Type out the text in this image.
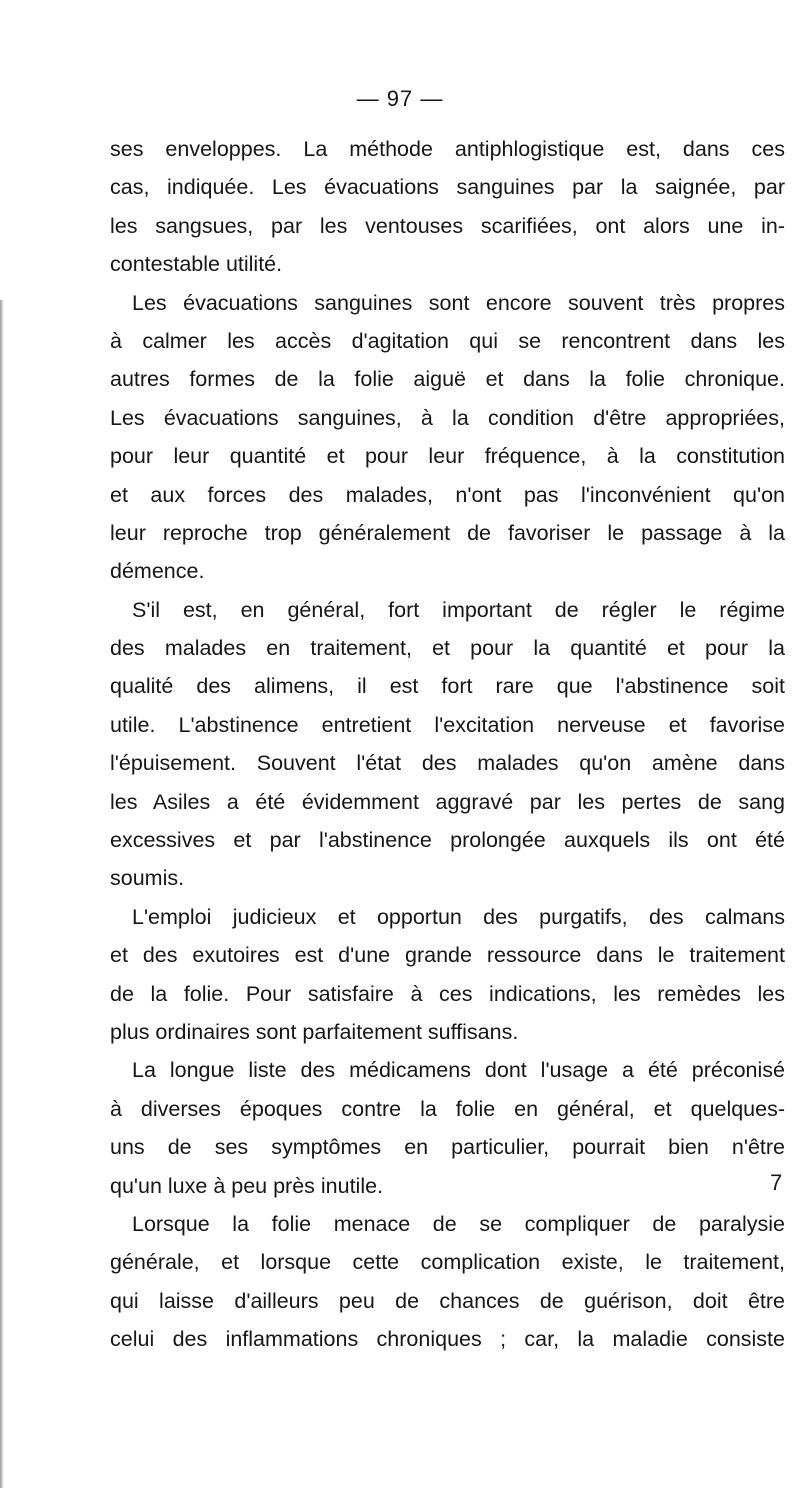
— 97 —
ses enveloppes. La méthode antiphlogistique est, dans ces
cas, indiquée. Les évacuations sanguines par la saignée, par
les sangsues, par les ventouses scarifiées, ont alors une in-
contestable utilité.
Les évacuations sanguines sont encore souvent très propres
à calmer les accès d'agitation qui se rencontrent dans les
autres formes de la folie aiguë et dans la folie chronique.
Les évacuations sanguines, à la condition d'être appropriées,
pour leur quantité et pour leur fréquence, à la constitution
et aux forces des malades, n'ont pas l'inconvénient qu'on
leur reproche trop généralement de favoriser le passage à la
démence.
S'il est, en général, fort important de régler le régime
des malades en traitement, et pour la quantité et pour la
qualité des alimens, il est fort rare que l'abstinence soit
utile. L'abstinence entretient l'excitation nerveuse et favorise
l'épuisement. Souvent l'état des malades qu'on amène dans
les Asiles a été évidemment aggravé par les pertes de sang
excessives et par l'abstinence prolongée auxquels ils ont été
soumis.
L'emploi judicieux et opportun des purgatifs, des calmans
et des exutoires est d'une grande ressource dans le traitement
de la folie. Pour satisfaire à ces indications, les remèdes les
plus ordinaires sont parfaitement suffisans.
La longue liste des médicamens dont l'usage a été préconisé
à diverses époques contre la folie en général, et quelques-
uns de ses symptômes en particulier, pourrait bien n'être
qu'un luxe à peu près inutile.
Lorsque la folie menace de se compliquer de paralysie
générale, et lorsque cette complication existe, le traitement,
qui laisse d'ailleurs peu de chances de guérison, doit être
celui des inflammations chroniques ; car, la maladie consiste
7
